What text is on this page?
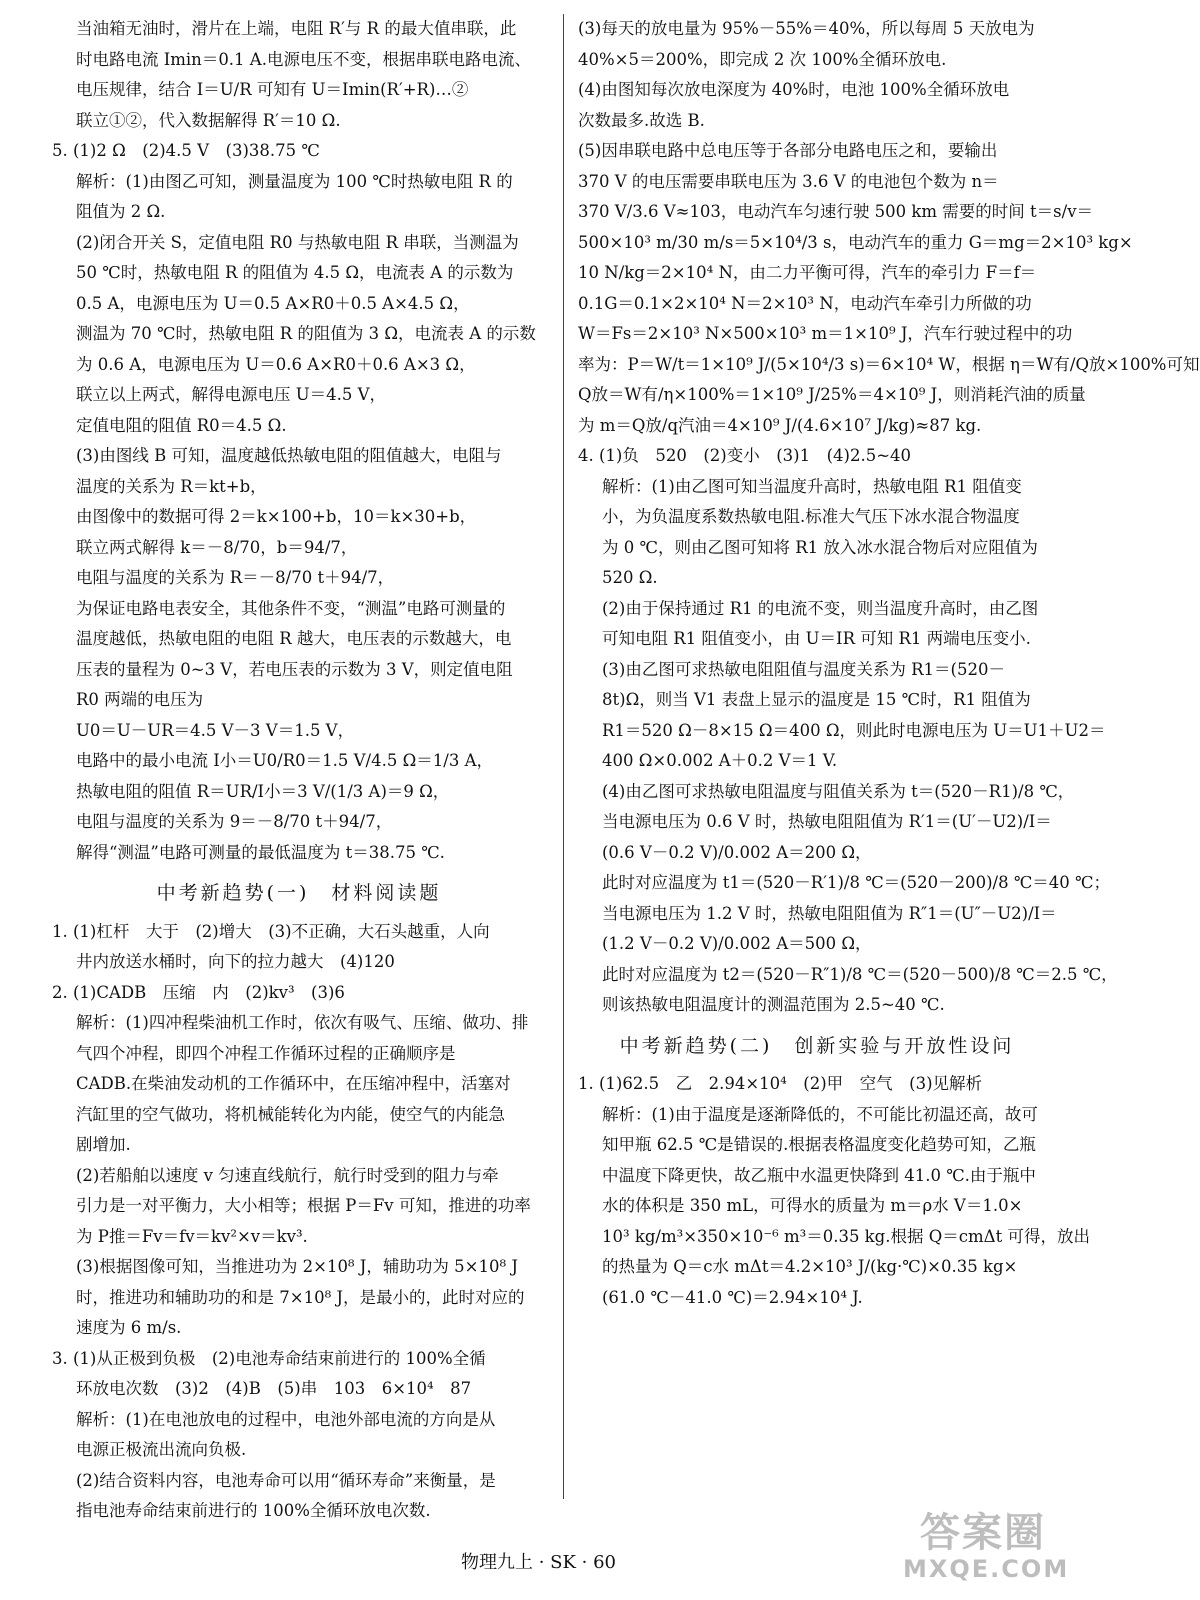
当油箱无油时，滑片在上端，电阻 R′与 R 的最大值串联，此
时电路电流 Imin＝0.1 A.电源电压不变，根据串联电路电流、
电压规律，结合 I＝U/R 可知有 U＝Imin(R′+R)…②
联立①②，代入数据解得 R′＝10 Ω.
5. (1)2 Ω　(2)4.5 V　(3)38.75 ℃
解析：(1)由图乙可知，测量温度为 100 ℃时热敏电阻 R 的
阻值为 2 Ω.
(2)闭合开关 S，定值电阻 R0 与热敏电阻 R 串联，当测温为
50 ℃时，热敏电阻 R 的阻值为 4.5 Ω，电流表 A 的示数为
0.5 A，电源电压为 U＝0.5 A×R0＋0.5 A×4.5 Ω，
测温为 70 ℃时，热敏电阻 R 的阻值为 3 Ω，电流表 A 的示数
为 0.6 A，电源电压为 U＝0.6 A×R0＋0.6 A×3 Ω，
联立以上两式，解得电源电压 U＝4.5 V，
定值电阻的阻值 R0＝4.5 Ω.
(3)由图线 B 可知，温度越低热敏电阻的阻值越大，电阻与
温度的关系为 R＝kt+b，
由图像中的数据可得 2＝k×100+b，10＝k×30+b，
联立两式解得 k＝－8/70，b＝94/7，
电阻与温度的关系为 R＝－8/70 t＋94/7，
为保证电路电表安全，其他条件不变，“测温”电路可测量的
温度越低，热敏电阻的电阻 R 越大，电压表的示数越大，电
压表的量程为 0~3 V，若电压表的示数为 3 V，则定值电阻
R0 两端的电压为
U0＝U－UR＝4.5 V－3 V＝1.5 V，
电路中的最小电流 I小＝U0/R0＝1.5 V/4.5 Ω＝1/3 A，
热敏电阻的阻值 R＝UR/I小＝3 V/(1/3 A)＝9 Ω，
电阻与温度的关系为 9＝－8/70 t＋94/7，
解得“测温”电路可测量的最低温度为 t＝38.75 ℃.
中考新趋势(一)　材料阅读题
1. (1)杠杆　大于　(2)增大　(3)不正确，大石头越重，人向
井内放送水桶时，向下的拉力越大　(4)120
2. (1)CADB　压缩　内　(2)kv³　(3)6
解析：(1)四冲程柴油机工作时，依次有吸气、压缩、做功、排
气四个冲程，即四个冲程工作循环过程的正确顺序是
CADB.在柴油发动机的工作循环中，在压缩冲程中，活塞对
汽缸里的空气做功，将机械能转化为内能，使空气的内能急
剧增加.
(2)若船舶以速度 v 匀速直线航行，航行时受到的阻力与牵
引力是一对平衡力，大小相等；根据 P＝Fv 可知，推进的功率
为 P推＝Fv＝fv＝kv²×v＝kv³.
(3)根据图像可知，当推进功为 2×10⁸ J，辅助功为 5×10⁸ J
时，推进功和辅助功的和是 7×10⁸ J，是最小的，此时对应的
速度为 6 m/s.
3. (1)从正极到负极　(2)电池寿命结束前进行的 100%全循
环放电次数　(3)2　(4)B　(5)串　103　6×10⁴　87
解析：(1)在电池放电的过程中，电池外部电流的方向是从
电源正极流出流向负极.
(2)结合资料内容，电池寿命可以用“循环寿命”来衡量，是
指电池寿命结束前进行的 100%全循环放电次数.
(3)每天的放电量为 95%－55%＝40%，所以每周 5 天放电为
40%×5＝200%，即完成 2 次 100%全循环放电.
(4)由图知每次放电深度为 40%时，电池 100%全循环放电
次数最多.故选 B.
(5)因串联电路中总电压等于各部分电路电压之和，要输出
370 V 的电压需要串联电压为 3.6 V 的电池包个数为 n＝
370 V/3.6 V≈103，电动汽车匀速行驶 500 km 需要的时间 t＝s/v＝
500×10³ m/30 m/s＝5×10⁴/3 s，电动汽车的重力 G＝mg＝2×10³ kg×
10 N/kg＝2×10⁴ N，由二力平衡可得，汽车的牵引力 F＝f＝
0.1G＝0.1×2×10⁴ N＝2×10³ N，电动汽车牵引力所做的功
W＝Fs＝2×10³ N×500×10³ m＝1×10⁹ J，汽车行驶过程中的功
率为：P＝W/t＝1×10⁹ J/(5×10⁴/3 s)＝6×10⁴ W，根据 η＝W有/Q放×100%可知
Q放＝W有/η×100%＝1×10⁹ J/25%＝4×10⁹ J，则消耗汽油的质量
为 m＝Q放/q汽油＝4×10⁹ J/(4.6×10⁷ J/kg)≈87 kg.
4. (1)负　520　(2)变小　(3)1　(4)2.5~40
解析：(1)由乙图可知当温度升高时，热敏电阻 R1 阻值变
小，为负温度系数热敏电阻.标准大气压下冰水混合物温度
为 0 ℃，则由乙图可知将 R1 放入冰水混合物后对应阻值为
520 Ω.
(2)由于保持通过 R1 的电流不变，则当温度升高时，由乙图
可知电阻 R1 阻值变小，由 U＝IR 可知 R1 两端电压变小.
(3)由乙图可求热敏电阻阻值与温度关系为 R1＝(520－
8t)Ω，则当 V1 表盘上显示的温度是 15 ℃时，R1 阻值为
R1＝520 Ω－8×15 Ω＝400 Ω，则此时电源电压为 U＝U1＋U2＝
400 Ω×0.002 A＋0.2 V＝1 V.
(4)由乙图可求热敏电阻温度与阻值关系为 t＝(520－R1)/8 ℃，
当电源电压为 0.6 V 时，热敏电阻阻值为 R′1＝(U′－U2)/I＝
(0.6 V－0.2 V)/0.002 A＝200 Ω，
此时对应温度为 t1＝(520－R′1)/8 ℃＝(520－200)/8 ℃＝40 ℃；
当电源电压为 1.2 V 时，热敏电阻阻值为 R″1＝(U″－U2)/I＝
(1.2 V－0.2 V)/0.002 A＝500 Ω，
此时对应温度为 t2＝(520－R″1)/8 ℃＝(520－500)/8 ℃＝2.5 ℃，
则该热敏电阻温度计的测温范围为 2.5~40 ℃.
中考新趋势(二)　创新实验与开放性设问
1. (1)62.5　乙　2.94×10⁴　(2)甲　空气　(3)见解析
解析：(1)由于温度是逐渐降低的，不可能比初温还高，故可
知甲瓶 62.5 ℃是错误的.根据表格温度变化趋势可知，乙瓶
中温度下降更快，故乙瓶中水温更快降到 41.0 ℃.由于瓶中
水的体积是 350 mL，可得水的质量为 m＝ρ水 V＝1.0×
10³ kg/m³×350×10⁻⁶ m³＝0.35 kg.根据 Q＝cmΔt 可得，放出
的热量为 Q＝c水 mΔt＝4.2×10³ J/(kg·℃)×0.35 kg×
(61.0 ℃－41.0 ℃)＝2.94×10⁴ J.
物理九上 · SK · 60
答案圈
MXQE.COM
